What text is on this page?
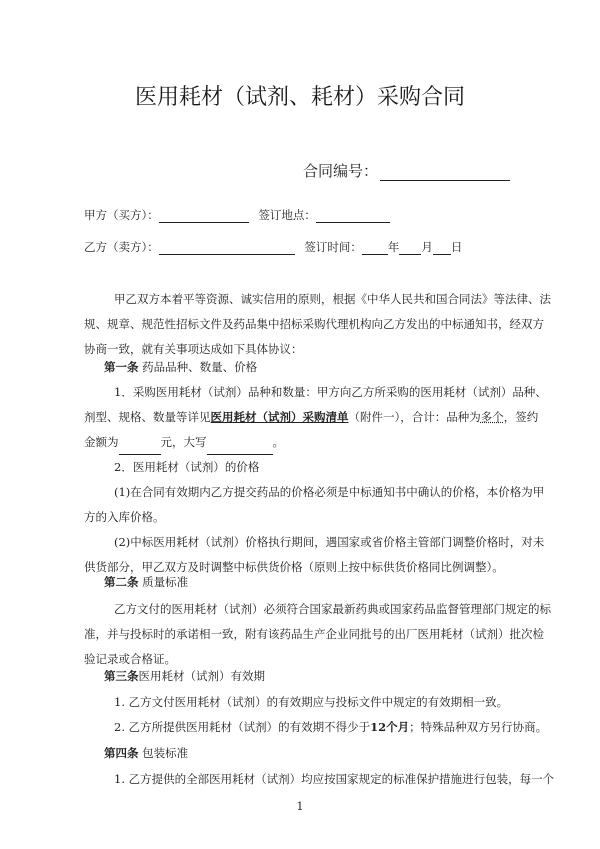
医用耗材（试剂、耗材）采购合同
合同编号：
甲方（买方）：	签订地点：
乙方（卖方）：	签订时间： 年 月 日
甲乙双方本着平等资源、诚实信用的原则，根据《中华人民共和国合同法》等法律、法
规、规章、规范性招标文件及药品集中招标采购代理机构向乙方发出的中标通知书，经双方
协商一致，就有关事项达成如下具体协议：
第一条 药品品种、数量、价格
1．采购医用耗材（试剂）品种和数量：甲方向乙方所采购的医用耗材（试剂）品种、
剂型、规格、数量等详见医用耗材（试剂）采购清单（附件一），合计：品种为多个，签约
金额为	元，大写	。
2．医用耗材（试剂）的价格
(1)在合同有效期内乙方提交药品的价格必须是中标通知书中确认的价格，本价格为甲
方的入库价格。
(2)中标医用耗材（试剂）价格执行期间，遇国家或省价格主管部门调整价格时，对未
供货部分，甲乙双方及时调整中标供货价格（原则上按中标供货价格同比例调整）。
第二条 质量标准
乙方文付的医用耗材（试剂）必须符合国家最新药典或国家药品监督管理部门规定的标
准，并与投标时的承诺相一致，附有该药品生产企业同批号的出厂医用耗材（试剂）批次检
验记录或合格证。
第三条医用耗材（试剂）有效期
1. 乙方文付医用耗材（试剂）的有效期应与投标文件中规定的有效期相一致。
2. 乙方所提供医用耗材（试剂）的有效期不得少于12个月；特殊品种双方另行协商。
第四条 包装标准
1. 乙方提供的全部医用耗材（试剂）均应按国家规定的标准保护措施进行包装，每一个
1
